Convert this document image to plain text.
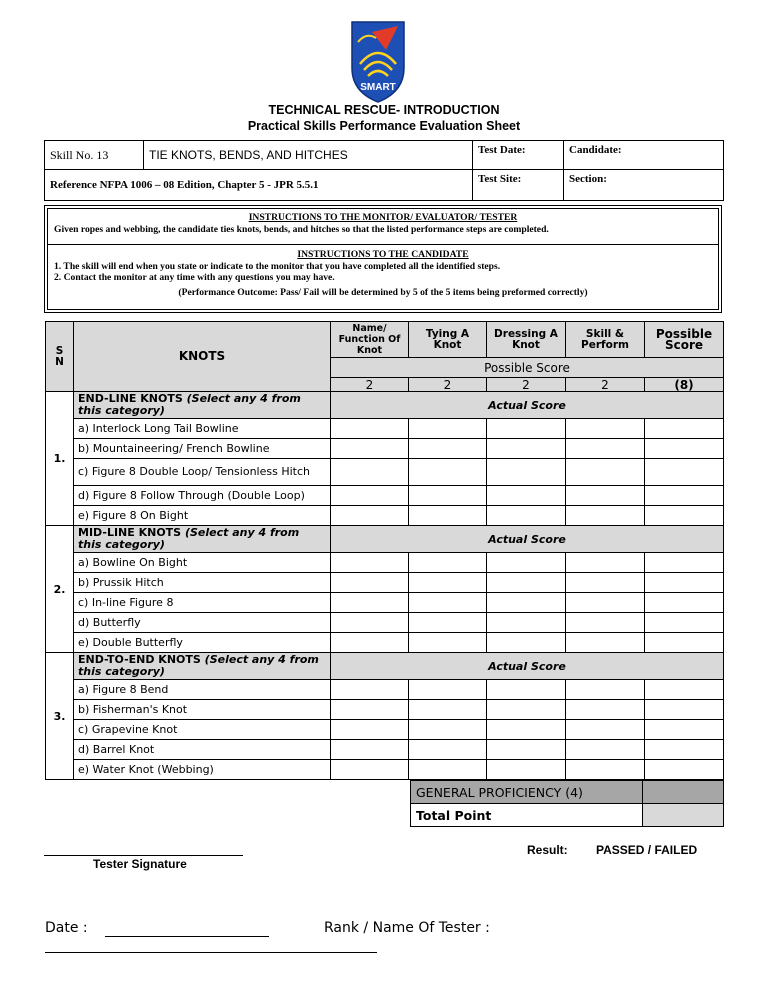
SMART
TECHNICAL RESCUE- INTRODUCTION
Practical Skills Performance Evaluation Sheet
Skill No. 13	TIE KNOTS, BENDS, AND HITCHES	Test Date:	Candidate:
Reference NFPA 1006 – 08 Edition, Chapter 5 - JPR 5.5.1		Test Site:	Section:
INSTRUCTIONS TO THE MONITOR/ EVALUATOR/ TESTER
Given ropes and webbing, the candidate ties knots, bends, and hitches so that the listed performance steps are completed.
INSTRUCTIONS TO THE CANDIDATE
1. The skill will end when you state or indicate to the monitor that you have completed all the identified steps.
2. Contact the monitor at any time with any questions you may have.
(Performance Outcome: Pass/ Fail will be determined by 5 of the 5 items being preformed correctly)
S N	KNOTS	Name/ Function Of Knot	Tying A Knot	Dressing A Knot	Skill & Perform	Possible Score
		Possible Score				
		2	2	2	2	(8)
1.	END-LINE KNOTS (Select any 4 from this category)	Actual Score				
	a) Interlock Long Tail Bowline					
	b) Mountaineering/ French Bowline					
	c) Figure 8 Double Loop/ Tensionless Hitch					
	d) Figure 8 Follow Through (Double Loop)					
	e) Figure 8 On Bight					
2.	MID-LINE KNOTS (Select any 4 from this category)	Actual Score				
	a) Bowline On Bight					
	b) Prussik Hitch					
	c) In-line Figure 8					
	d) Butterfly					
	e) Double Butterfly					
3.	END-TO-END KNOTS (Select any 4 from this category)	Actual Score				
	a) Figure 8 Bend					
	b) Fisherman's Knot					
	c) Grapevine Knot					
	d) Barrel Knot					
	e) Water Knot (Webbing)					
GENERAL PROFICIENCY (4)	
Total Point	
Tester Signature
Result: PASSED / FAILED
Date :	Rank / Name Of Tester :
